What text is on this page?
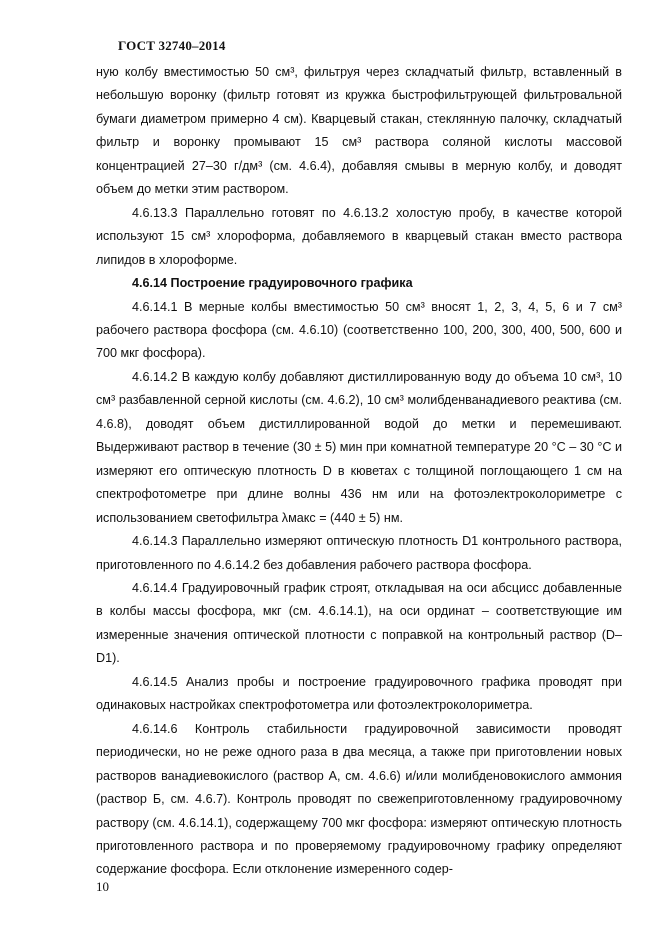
ГОСТ 32740–2014

ную колбу вместимостью 50 см³, фильтруя через складчатый фильтр, вставленный в небольшую воронку (фильтр готовят из кружка быстрофильтрующей фильтровальной бумаги диаметром примерно 4 см). Кварцевый стакан, стеклянную палочку, складчатый фильтр и воронку промывают 15 см³ раствора соляной кислоты массовой концентрацией 27–30 г/дм³ (см. 4.6.4), добавляя смывы в мерную колбу, и доводят объем до метки этим раствором.

4.6.13.3 Параллельно готовят по 4.6.13.2 холостую пробу, в качестве которой используют 15 см³ хлороформа, добавляемого в кварцевый стакан вместо раствора липидов в хлороформе.

4.6.14 Построение градуировочного графика

4.6.14.1 В мерные колбы вместимостью 50 см³ вносят 1, 2, 3, 4, 5, 6 и 7 см³ рабочего раствора фосфора (см. 4.6.10) (соответственно 100, 200, 300, 400, 500, 600 и 700 мкг фосфора).

4.6.14.2 В каждую колбу добавляют дистиллированную воду до объема 10 см³, 10 см³ разбавленной серной кислоты (см. 4.6.2), 10 см³ молибденванадиевого реактива (см. 4.6.8), доводят объем дистиллированной водой до метки и перемешивают. Выдерживают раствор в течение (30 ± 5) мин при комнатной температуре 20 °С – 30 °С и измеряют его оптическую плотность D в кюветах с толщиной поглощающего 1 см на спектрофотометре при длине волны 436 нм или на фотоэлектроколориметре с использованием светофильтра λмакс = (440 ± 5) нм.

4.6.14.3 Параллельно измеряют оптическую плотность D1 контрольного раствора, приготовленного по 4.6.14.2 без добавления рабочего раствора фосфора.

4.6.14.4 Градуировочный график строят, откладывая на оси абсцисс добавленные в колбы массы фосфора, мкг (см. 4.6.14.1), на оси ординат – соответствующие им измеренные значения оптической плотности с поправкой на контрольный раствор (D–D1).

4.6.14.5 Анализ пробы и построение градуировочного графика проводят при одинаковых настройках спектрофотометра или фотоэлектроколориметра.

4.6.14.6 Контроль стабильности градуировочной зависимости проводят периодически, но не реже одного раза в два месяца, а также при приготовлении новых растворов ванадиевокислого (раствор А, см. 4.6.6) и/или молибденовокислого аммония (раствор Б, см. 4.6.7). Контроль проводят по свежеприготовленному градуировочному раствору (см. 4.6.14.1), содержащему 700 мкг фосфора: измеряют оптическую плотность приготовленного раствора и по проверяемому градуировочному графику определяют содержание фосфора. Если отклонение измеренного содер-

10
